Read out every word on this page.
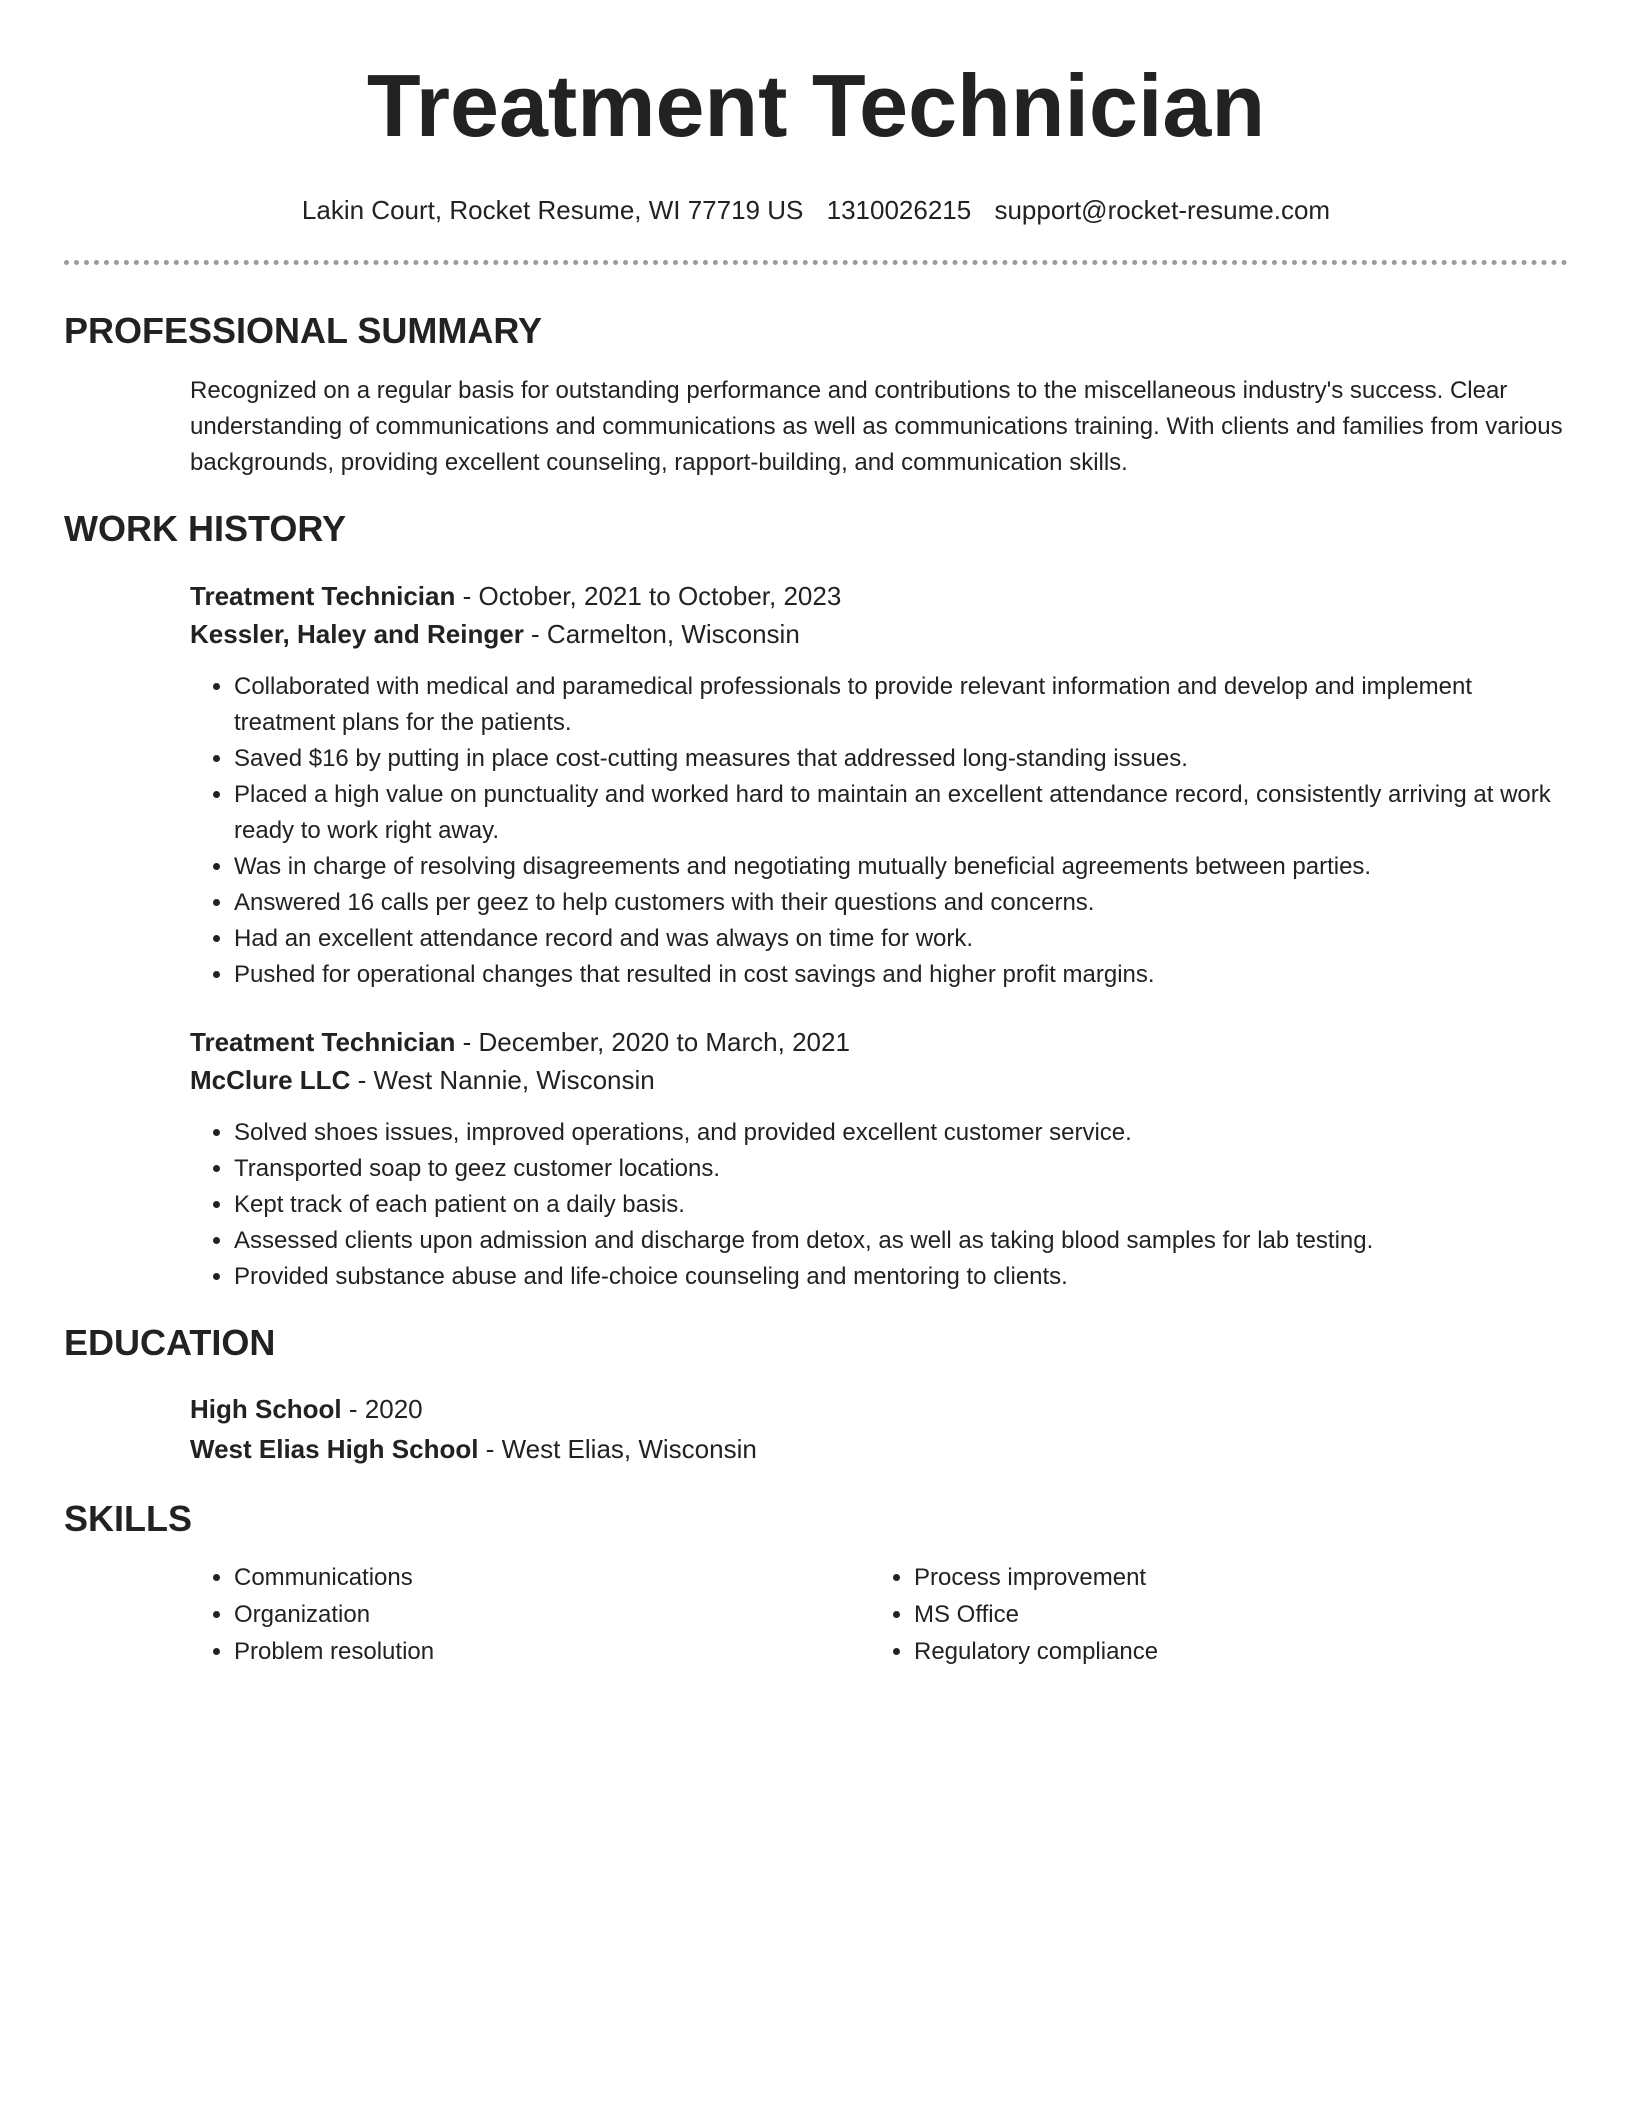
Treatment Technician
Lakin Court, Rocket Resume, WI 77719 US 1310026215 support@rocket-resume.com
PROFESSIONAL SUMMARY
Recognized on a regular basis for outstanding performance and contributions to the miscellaneous industry's success. Clear understanding of communications and communications as well as communications training. With clients and families from various backgrounds, providing excellent counseling, rapport-building, and communication skills.
WORK HISTORY
Treatment Technician - October, 2021 to October, 2023
Kessler, Haley and Reinger - Carmelton, Wisconsin
• Collaborated with medical and paramedical professionals to provide relevant information and develop and implement treatment plans for the patients.
• Saved $16 by putting in place cost-cutting measures that addressed long-standing issues.
• Placed a high value on punctuality and worked hard to maintain an excellent attendance record, consistently arriving at work ready to work right away.
• Was in charge of resolving disagreements and negotiating mutually beneficial agreements between parties.
• Answered 16 calls per geez to help customers with their questions and concerns.
• Had an excellent attendance record and was always on time for work.
• Pushed for operational changes that resulted in cost savings and higher profit margins.
Treatment Technician - December, 2020 to March, 2021
McClure LLC - West Nannie, Wisconsin
• Solved shoes issues, improved operations, and provided excellent customer service.
• Transported soap to geez customer locations.
• Kept track of each patient on a daily basis.
• Assessed clients upon admission and discharge from detox, as well as taking blood samples for lab testing.
• Provided substance abuse and life-choice counseling and mentoring to clients.
EDUCATION
High School - 2020
West Elias High School - West Elias, Wisconsin
SKILLS
• Communications
• Organization
• Problem resolution
• Process improvement
• MS Office
• Regulatory compliance
